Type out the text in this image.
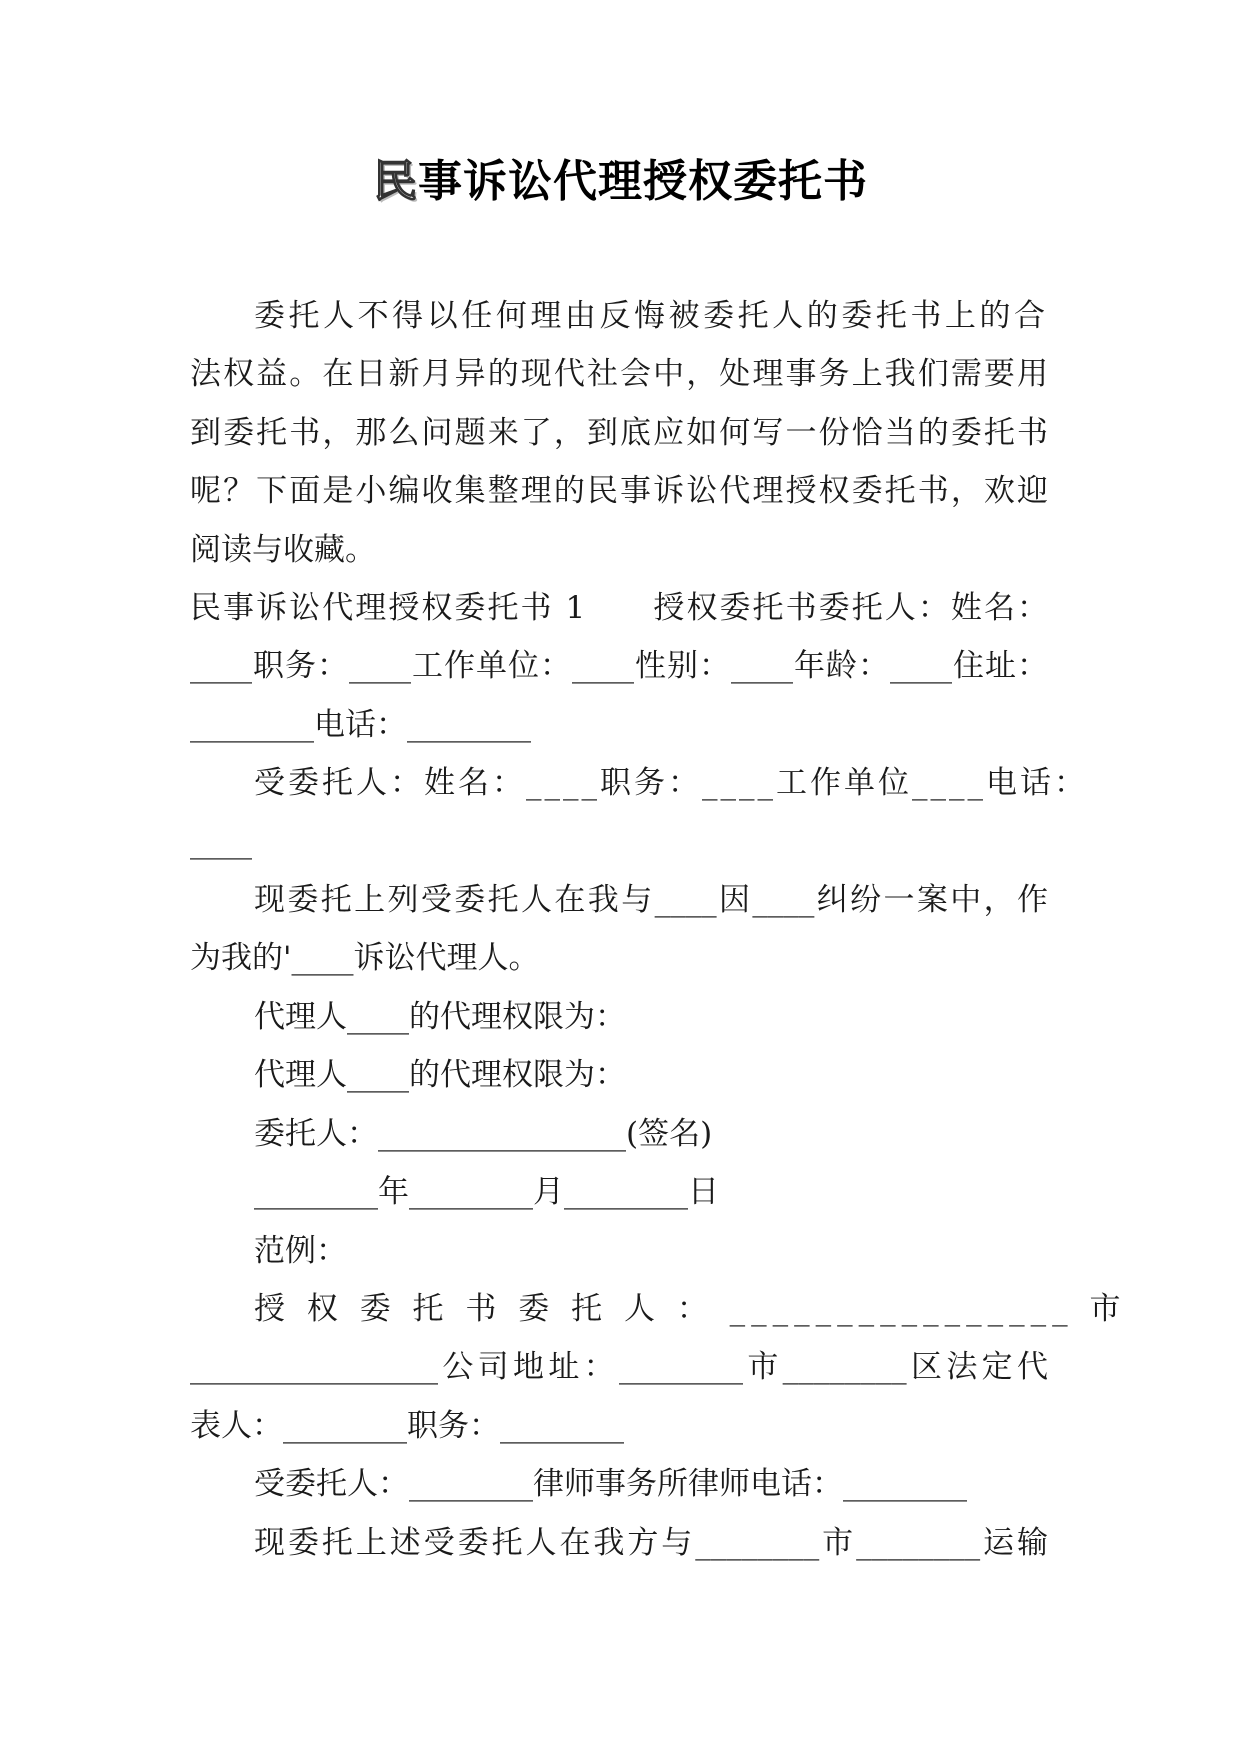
民事诉讼代理授权委托书

委托人不得以任何理由反悔被委托人的委托书上的合

法权益。在日新月异的现代社会中，处理事务上我们需要用

到委托书，那么问题来了，到底应如何写一份恰当的委托书

呢？下面是小编收集整理的民事诉讼代理授权委托书，欢迎

阅读与收藏。

民事诉讼代理授权委托书 1　　授权委托书委托人：姓名：

____职务：____工作单位：____性别：____年龄：____住址：

________电话：________

受委托人：姓名：____职务：____工作单位____电话：

____

现委托上列受委托人在我与____因____纠纷一案中，作

为我的'____诉讼代理人。

代理人____的代理权限为：

代理人____的代理权限为：

委托人：________________(签名)

________年________月________日

范例：

授 权 委 托 书 委 托 人 ： ________________ 市

________________公司地址：________市________区法定代

表人：________职务：________

受委托人：________律师事务所律师电话：________

现委托上述受委托人在我方与________市________运输
